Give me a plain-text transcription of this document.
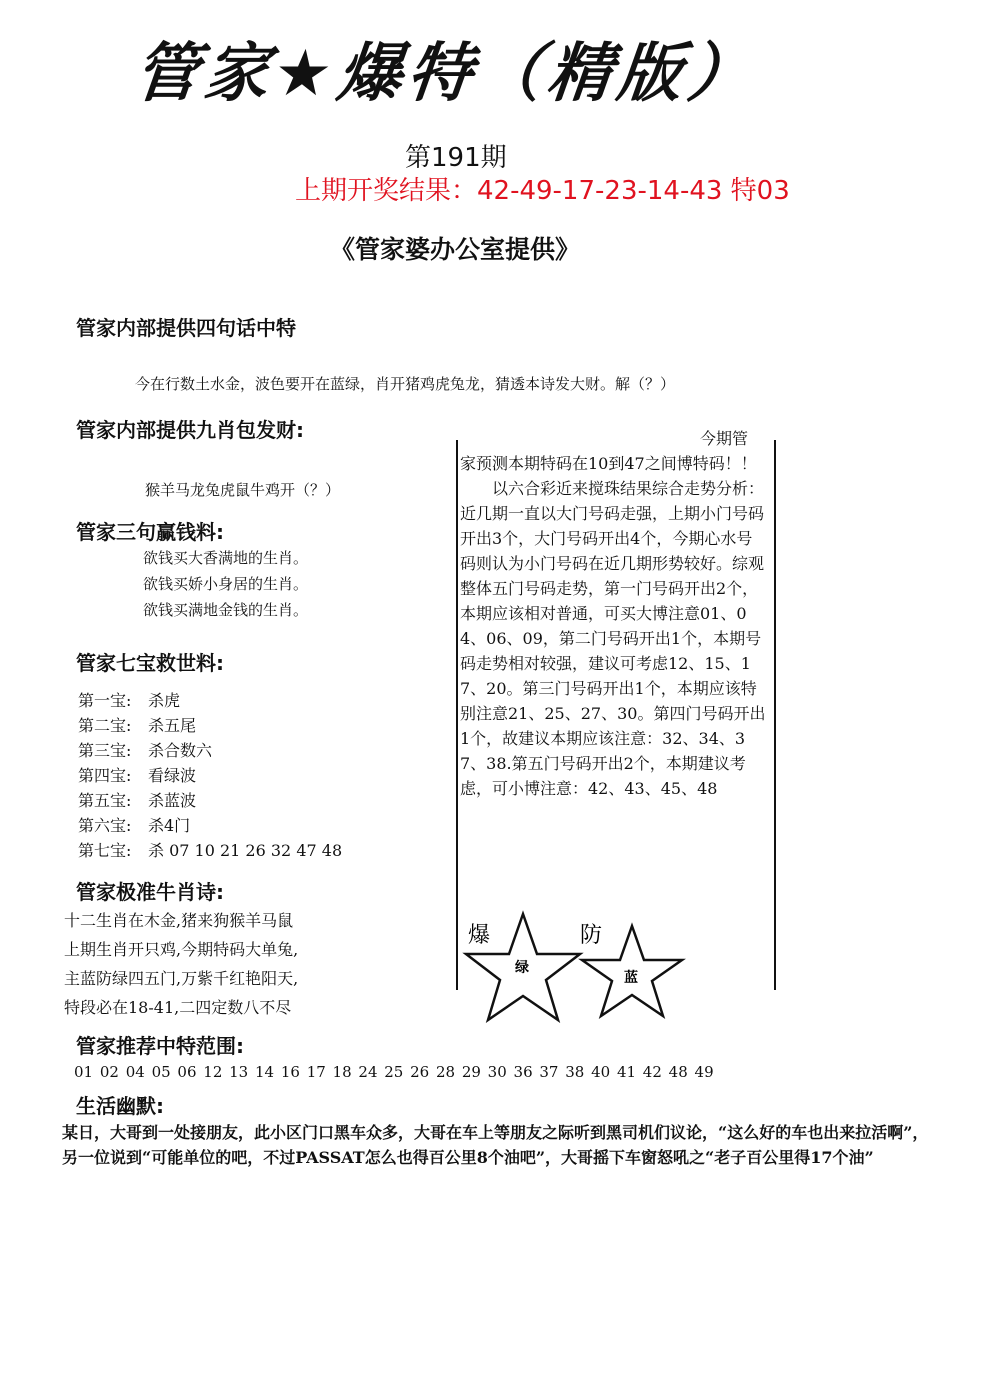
管家★爆特（精版）
第191期
上期开奖结果：42-49-17-23-14-43 特03
《管家婆办公室提供》
管家内部提供四句话中特
今在行数土水金，波色要开在蓝绿，肖开猪鸡虎兔龙，猜透本诗发大财。解（？）
管家内部提供九肖包发财:
猴羊马龙兔虎鼠牛鸡开（？）
管家三句赢钱料:
欲钱买大香满地的生肖。
欲钱买娇小身居的生肖。
欲钱买满地金钱的生肖。
管家七宝救世料:
第一宝: 杀虎
第二宝: 杀五尾
第三宝: 杀合数六
第四宝: 看绿波
第五宝: 杀蓝波
第六宝: 杀4门
第七宝: 杀 07 10 21 26 32 47 48
管家极准牛肖诗:
十二生肖在木金,猪来狗猴羊马鼠
上期生肖开只鸡,今期特码大单兔,
主蓝防绿四五门,万紫千红艳阳天,
特段必在18-41,二四定数八不尽

今期管

家预测本期特码在10到47之间博特码！！

以六合彩近来搅珠结果综合走势分析：近几期一直以大门号码走强，上期小门号码开出3个，大门号码开出4个，今期心水号码则认为小门号码在近几期形势较好。综观整体五门号码走势，第一门号码开出2个，本期应该相对普通，可买大博注意01、04、06、09，第二门号码开出1个，本期号码走势相对较强，建议可考虑12、15、17、20。第三门号码开出1个，本期应该特别注意21、25、27、30。第四门号码开出1个，故建议本期应该注意：32、34、37、38.第五门号码开出2个，本期建议考虑，可小博注意：42、43、45、48

爆
绿
防
蓝
管家推荐中特范围:
01 02 04 05 06 12 13 14 16 17 18 24 25 26 28 29 30 36 37 38 40 41 42 48 49
生活幽默:
某日，大哥到一处接朋友，此小区门口黑车众多，大哥在车上等朋友之际听到黑司机们议论，“这么好的车也出来拉活啊”，另一位说到“可能单位的吧，不过PASSAT怎么也得百公里8个油吧”，大哥摇下车窗怒吼之“老子百公里得17个油”
